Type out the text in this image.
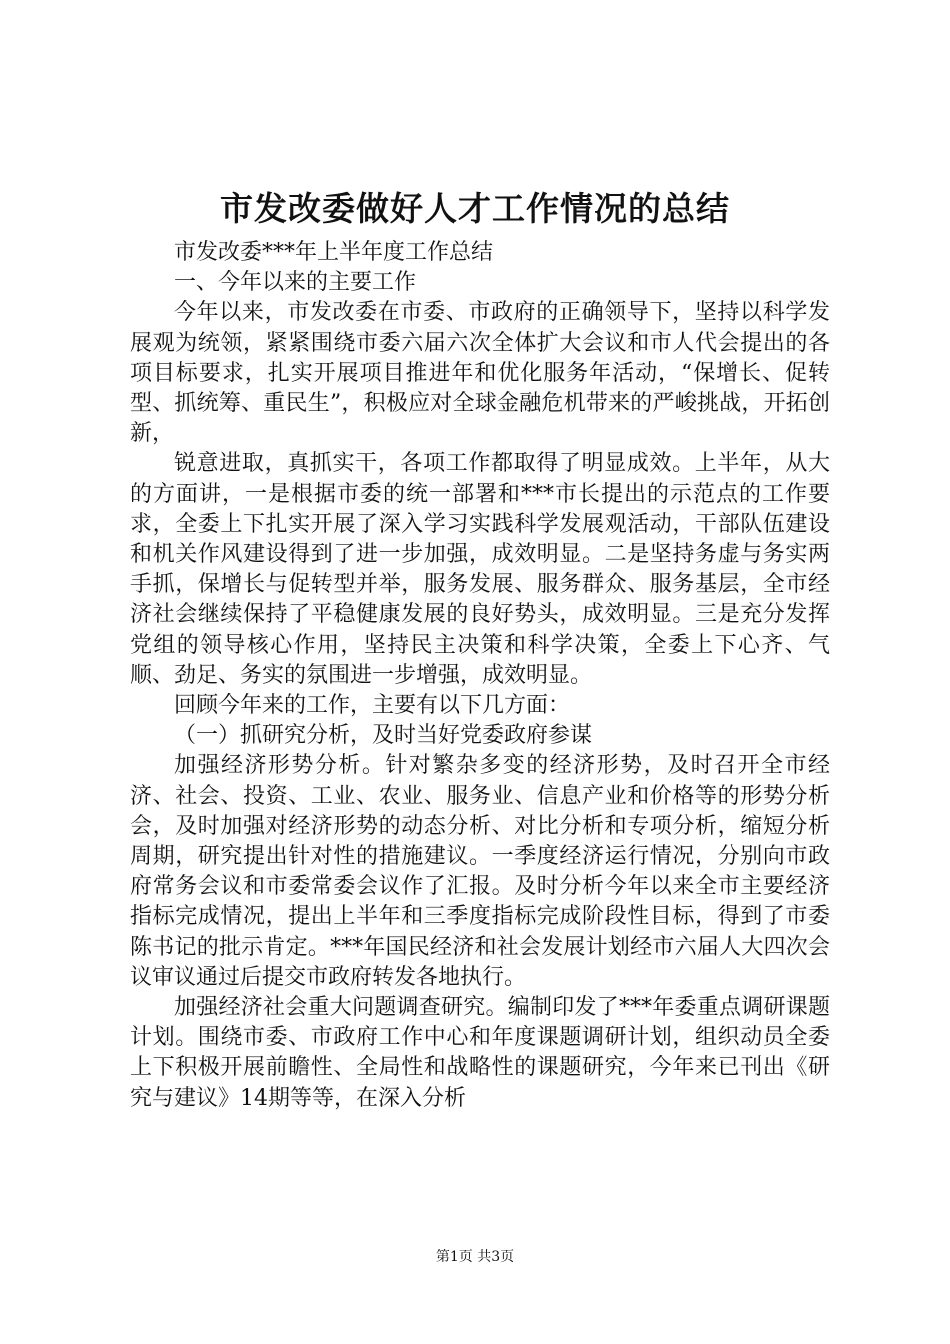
市发改委做好人才工作情况的总结

市发改委***年上半年度工作总结

一、今年以来的主要工作

今年以来，市发改委在市委、市政府的正确领导下，坚持以科学发展观为统领，紧紧围绕市委六届六次全体扩大会议和市人代会提出的各项目标要求，扎实开展项目推进年和优化服务年活动，“保增长、促转型、抓统筹、重民生”，积极应对全球金融危机带来的严峻挑战，开拓创新，

锐意进取，真抓实干，各项工作都取得了明显成效。上半年，从大的方面讲，一是根据市委的统一部署和***市长提出的示范点的工作要求，全委上下扎实开展了深入学习实践科学发展观活动，干部队伍建设和机关作风建设得到了进一步加强，成效明显。二是坚持务虚与务实两手抓，保增长与促转型并举，服务发展、服务群众、服务基层，全市经济社会继续保持了平稳健康发展的良好势头，成效明显。三是充分发挥党组的领导核心作用，坚持民主决策和科学决策，全委上下心齐、气顺、劲足、务实的氛围进一步增强，成效明显。

回顾今年来的工作，主要有以下几方面：

（一）抓研究分析，及时当好党委政府参谋

加强经济形势分析。针对繁杂多变的经济形势，及时召开全市经济、社会、投资、工业、农业、服务业、信息产业和价格等的形势分析会，及时加强对经济形势的动态分析、对比分析和专项分析，缩短分析周期，研究提出针对性的措施建议。一季度经济运行情况，分别向市政府常务会议和市委常委会议作了汇报。及时分析今年以来全市主要经济指标完成情况，提出上半年和三季度指标完成阶段性目标，得到了市委陈书记的批示肯定。***年国民经济和社会发展计划经市六届人大四次会议审议通过后提交市政府转发各地执行。

加强经济社会重大问题调查研究。编制印发了***年委重点调研课题计划。围绕市委、市政府工作中心和年度课题调研计划，组织动员全委上下积极开展前瞻性、全局性和战略性的课题研究，今年来已刊出《研究与建议》14期等等，在深入分析

第1页 共3页
